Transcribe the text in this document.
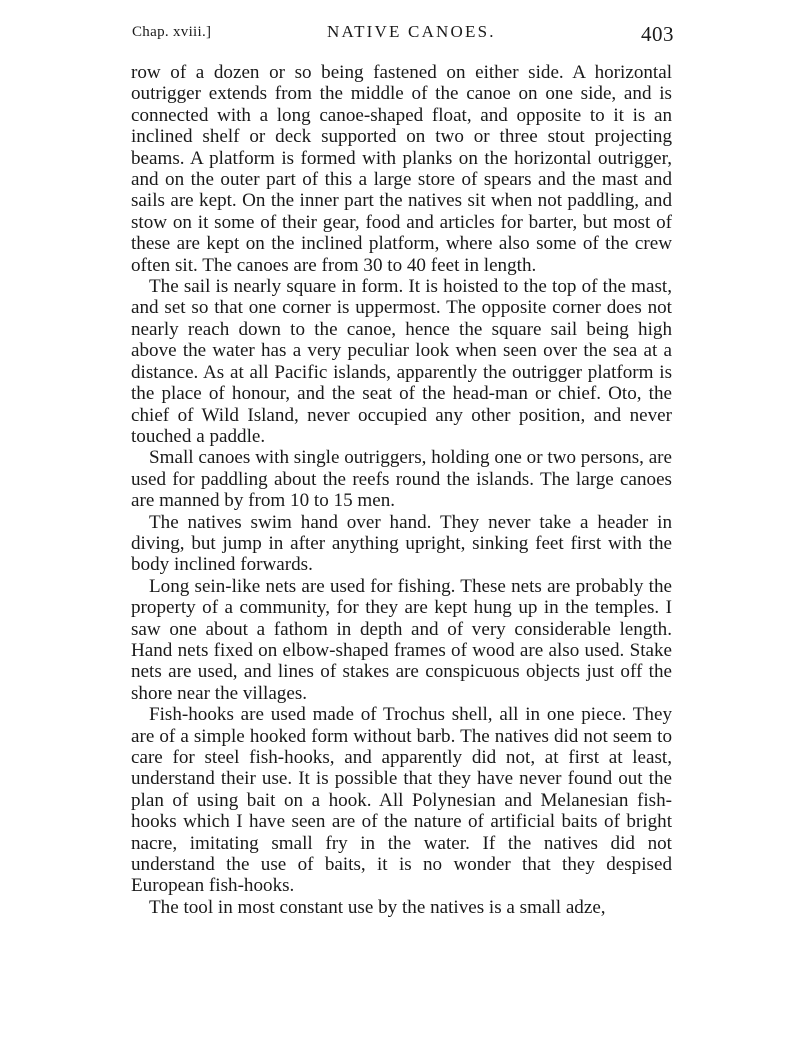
Chap. xviii.]	NATIVE CANOES.	403

row of a dozen or so being fastened on either side. A horizontal outrigger extends from the middle of the canoe on one side, and is connected with a long canoe-shaped float, and opposite to it is an inclined shelf or deck supported on two or three stout projecting beams. A platform is formed with planks on the horizontal outrigger, and on the outer part of this a large store of spears and the mast and sails are kept. On the inner part the natives sit when not paddling, and stow on it some of their gear, food and articles for barter, but most of these are kept on the inclined platform, where also some of the crew often sit. The canoes are from 30 to 40 feet in length.

The sail is nearly square in form. It is hoisted to the top of the mast, and set so that one corner is uppermost. The opposite corner does not nearly reach down to the canoe, hence the square sail being high above the water has a very peculiar look when seen over the sea at a distance. As at all Pacific islands, apparently the outrigger platform is the place of honour, and the seat of the head-man or chief. Oto, the chief of Wild Island, never occupied any other position, and never touched a paddle.

Small canoes with single outriggers, holding one or two persons, are used for paddling about the reefs round the islands. The large canoes are manned by from 10 to 15 men.

The natives swim hand over hand. They never take a header in diving, but jump in after anything upright, sinking feet first with the body inclined forwards.

Long sein-like nets are used for fishing. These nets are probably the property of a community, for they are kept hung up in the temples. I saw one about a fathom in depth and of very considerable length. Hand nets fixed on elbow-shaped frames of wood are also used. Stake nets are used, and lines of stakes are conspicuous objects just off the shore near the villages.

Fish-hooks are used made of Trochus shell, all in one piece. They are of a simple hooked form without barb. The natives did not seem to care for steel fish-hooks, and apparently did not, at first at least, understand their use. It is possible that they have never found out the plan of using bait on a hook. All Polynesian and Melanesian fish-hooks which I have seen are of the nature of artificial baits of bright nacre, imitating small fry in the water. If the natives did not understand the use of baits, it is no wonder that they despised European fish-hooks.

The tool in most constant use by the natives is a small adze,
